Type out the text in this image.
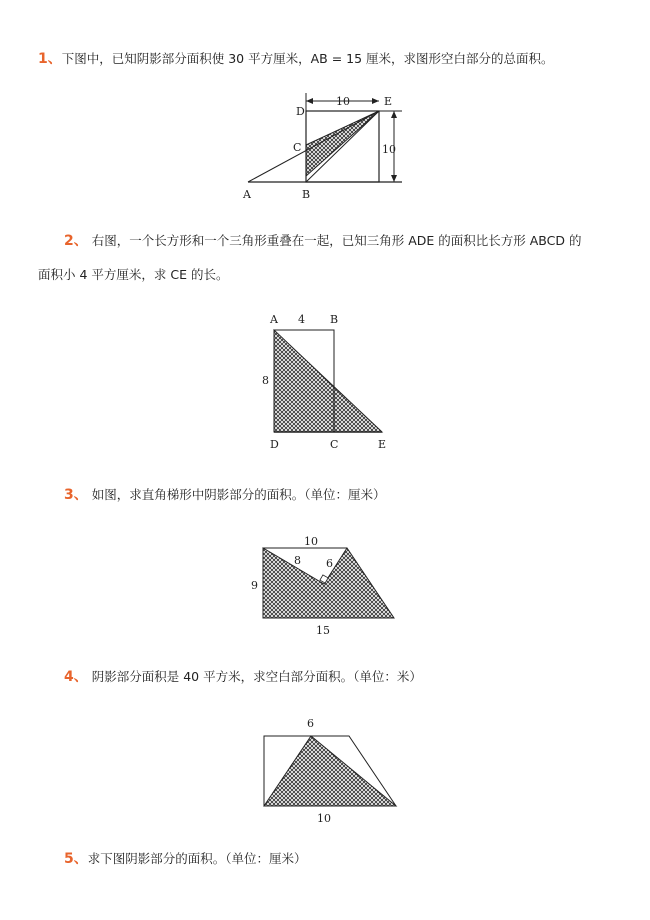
1、下图中，已知阴影部分面积使 30 平方厘米，AB = 15 厘米，求图形空白部分的总面积。
D
E
C
A	B
10
10
2、 右图，一个长方形和一个三角形重叠在一起，已知三角形 ADE 的面积比长方形 ABCD 的
面积小 4 平方厘米，求 CE 的长。
A 4 B
8
D	C	E
3、 如图，求直角梯形中阴影部分的面积。（单位：厘米）
10
9
15
8 6
4、 阴影部分面积是 40 平方米，求空白部分面积。（单位：米）
6
10
5、求下图阴影部分的面积。（单位：厘米）
